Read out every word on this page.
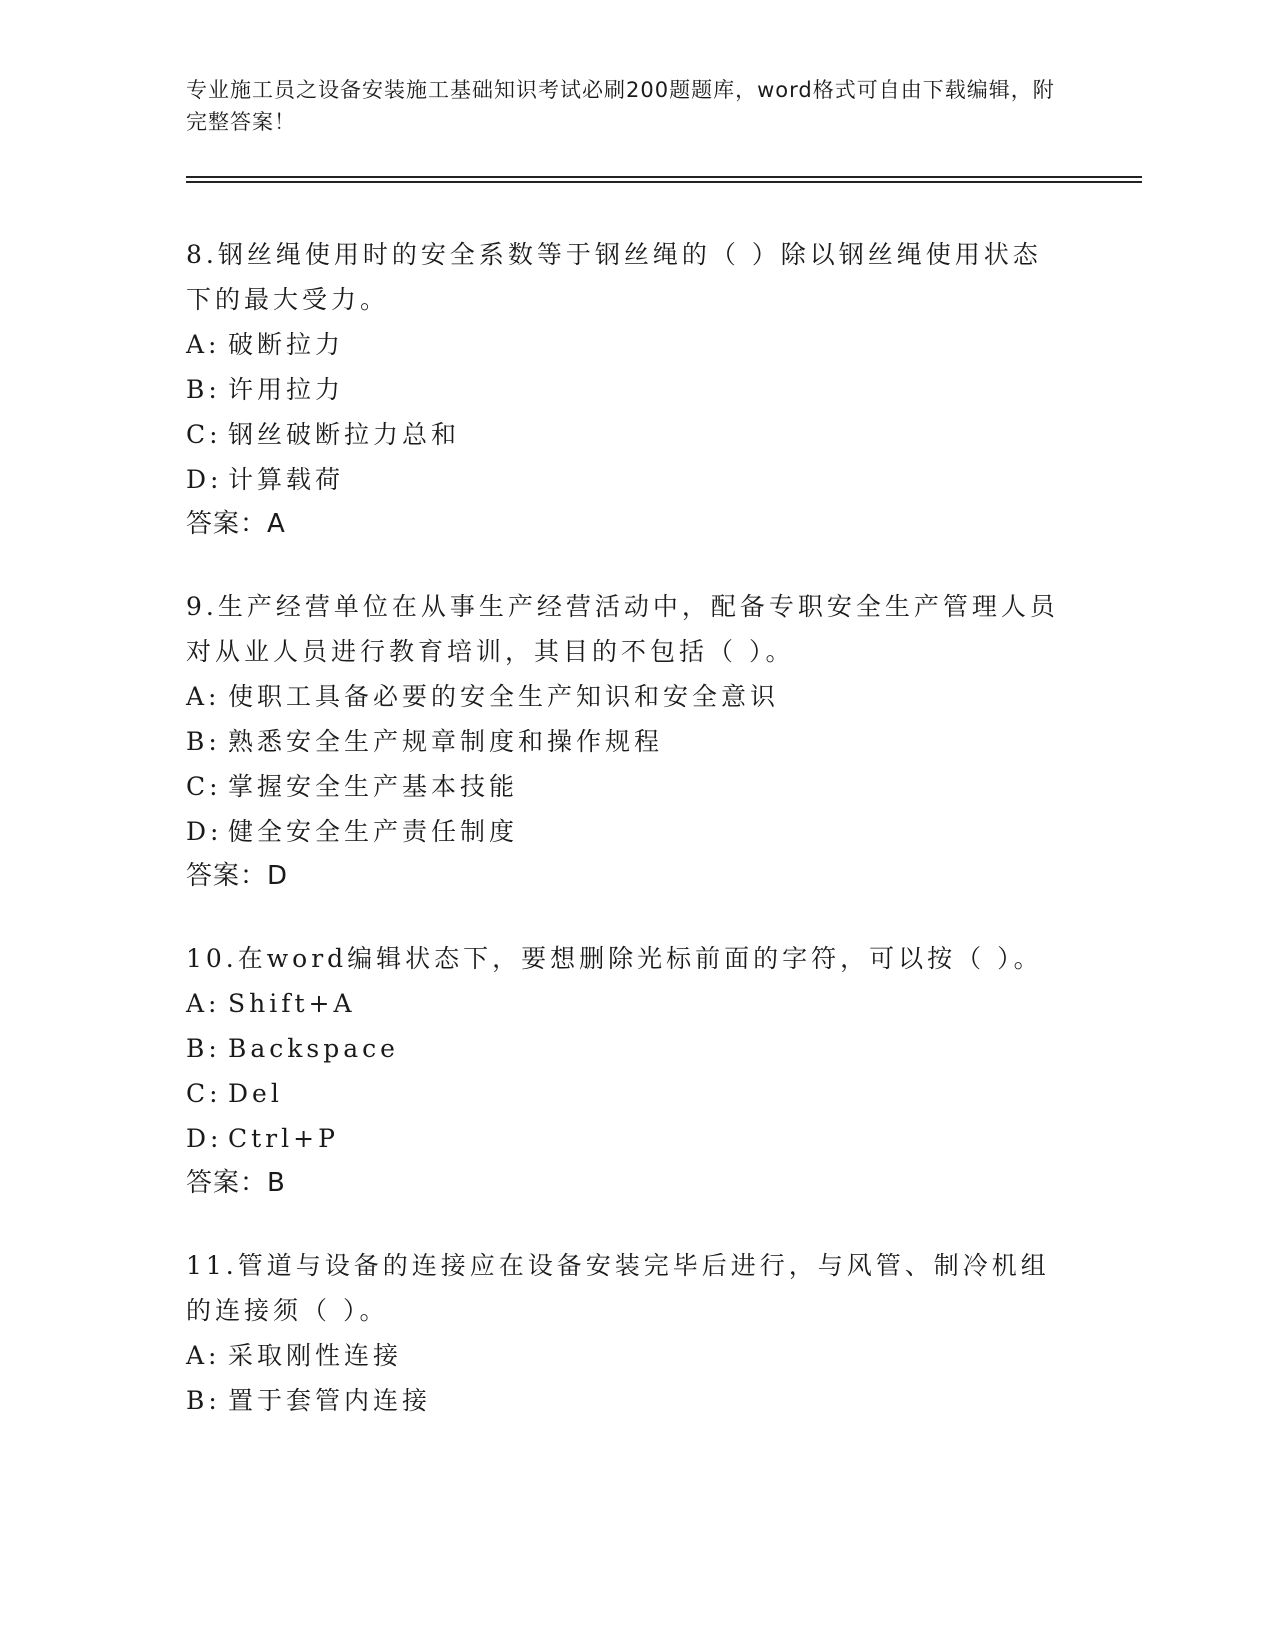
专业施工员之设备安装施工基础知识考试必刷200题题库，word格式可自由下载编辑，附完整答案！

8.钢丝绳使用时的安全系数等于钢丝绳的（ ）除以钢丝绳使用状态下的最大受力。

A: 破断拉力

B: 许用拉力

C: 钢丝破断拉力总和

D: 计算载荷

答案：A

9.生产经营单位在从事生产经营活动中，配备专职安全生产管理人员对从业人员进行教育培训，其目的不包括（ ）。

A: 使职工具备必要的安全生产知识和安全意识

B: 熟悉安全生产规章制度和操作规程

C: 掌握安全生产基本技能

D: 健全安全生产责任制度

答案：D

10.在word编辑状态下，要想删除光标前面的字符，可以按（ ）。

A: Shift+A

B: Backspace

C: Del

D: Ctrl+P

答案：B

11.管道与设备的连接应在设备安装完毕后进行，与风管、制冷机组的连接须（ ）。

A: 采取刚性连接

B: 置于套管内连接
